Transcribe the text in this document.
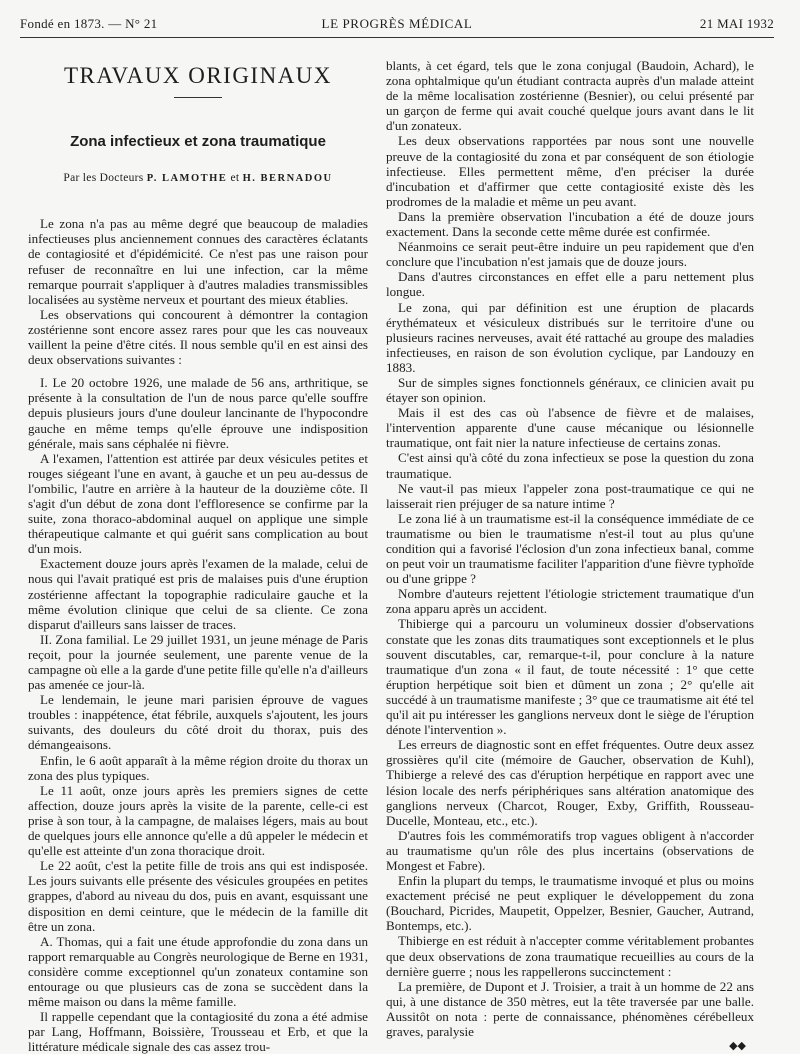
Fondé en 1873. — N° 21	LE PROGRÈS MÉDICAL	21 MAI 1932
TRAVAUX ORIGINAUX
Zona infectieux et zona traumatique
Par les Docteurs P. LAMOTHE et H. BERNADOU

Le zona n'a pas au même degré que beaucoup de maladies infectieuses plus anciennement connues des caractères éclatants de contagiosité et d'épidémicité. Ce n'est pas une raison pour refuser de reconnaître en lui une infection, car la même remarque pourrait s'appliquer à d'autres maladies transmissibles localisées au système nerveux et pourtant des mieux établies.

Les observations qui concourent à démontrer la contagion zostérienne sont encore assez rares pour que les cas nouveaux vaillent la peine d'être cités. Il nous semble qu'il en est ainsi des deux observations suivantes :

I. Le 20 octobre 1926, une malade de 56 ans, arthritique, se présente à la consultation de l'un de nous parce qu'elle souffre depuis plusieurs jours d'une douleur lancinante de l'hypocondre gauche en même temps qu'elle éprouve une indisposition générale, mais sans céphalée ni fièvre.

A l'examen, l'attention est attirée par deux vésicules petites et rouges siégeant l'une en avant, à gauche et un peu au-dessus de l'ombilic, l'autre en arrière à la hauteur de la douzième côte. Il s'agit d'un début de zona dont l'effloresence se confirme par la suite, zona thoraco-abdominal auquel on applique une simple thérapeutique calmante et qui guérit sans complication au bout d'un mois.

Exactement douze jours après l'examen de la malade, celui de nous qui l'avait pratiqué est pris de malaises puis d'une éruption zostérienne affectant la topographie radiculaire gauche et la même évolution clinique que celui de sa cliente. Ce zona disparut d'ailleurs sans laisser de traces.

II. Zona familial. Le 29 juillet 1931, un jeune ménage de Paris reçoit, pour la journée seulement, une parente venue de la campagne où elle a la garde d'une petite fille qu'elle n'a d'ailleurs pas amenée ce jour-là.

Le lendemain, le jeune mari parisien éprouve de vagues troubles : inappétence, état fébrile, auxquels s'ajoutent, les jours suivants, des douleurs du côté droit du thorax, puis des démangeaisons.

Enfin, le 6 août apparaît à la même région droite du thorax un zona des plus typiques.

Le 11 août, onze jours après les premiers signes de cette affection, douze jours après la visite de la parente, celle-ci est prise à son tour, à la campagne, de malaises légers, mais au bout de quelques jours elle annonce qu'elle a dû appeler le médecin et qu'elle est atteinte d'un zona thoracique droit.

Le 22 août, c'est la petite fille de trois ans qui est indisposée. Les jours suivants elle présente des vésicules groupées en petites grappes, d'abord au niveau du dos, puis en avant, esquissant une disposition en demi ceinture, que le médecin de la famille dit être un zona.

A. Thomas, qui a fait une étude approfondie du zona dans un rapport remarquable au Congrès neurologique de Berne en 1931, considère comme exceptionnel qu'un zonateux contamine son entourage ou que plusieurs cas de zona se succèdent dans la même maison ou dans la même famille.

Il rappelle cependant que la contagiosité du zona a été admise par Lang, Hoffmann, Boissière, Trousseau et Erb, et que la littérature médicale signale des cas assez trou-

blants, à cet égard, tels que le zona conjugal (Baudoin, Achard), le zona ophtalmique qu'un étudiant contracta auprès d'un malade atteint de la même localisation zostérienne (Besnier), ou celui présenté par un garçon de ferme qui avait couché quelque jours avant dans le lit d'un zonateux.

Les deux observations rapportées par nous sont une nouvelle preuve de la contagiosité du zona et par conséquent de son étiologie infectieuse. Elles permettent même, d'en préciser la durée d'incubation et d'affirmer que cette contagiosité existe dès les prodromes de la maladie et même un peu avant.

Dans la première observation l'incubation a été de douze jours exactement. Dans la seconde cette même durée est confirmée.

Néanmoins ce serait peut-être induire un peu rapidement que d'en conclure que l'incubation n'est jamais que de douze jours.

Dans d'autres circonstances en effet elle a paru nettement plus longue.

Le zona, qui par définition est une éruption de placards érythémateux et vésiculeux distribués sur le territoire d'une ou plusieurs racines nerveuses, avait été rattaché au groupe des maladies infectieuses, en raison de son évolution cyclique, par Landouzy en 1883.

Sur de simples signes fonctionnels généraux, ce clinicien avait pu étayer son opinion.

Mais il est des cas où l'absence de fièvre et de malaises, l'intervention apparente d'une cause mécanique ou lésionnelle traumatique, ont fait nier la nature infectieuse de certains zonas.

C'est ainsi qu'à côté du zona infectieux se pose la question du zona traumatique.

Ne vaut-il pas mieux l'appeler zona post-traumatique ce qui ne laisserait rien préjuger de sa nature intime ?

Le zona lié à un traumatisme est-il la conséquence immédiate de ce traumatisme ou bien le traumatisme n'est-il tout au plus qu'une condition qui a favorisé l'éclosion d'un zona infectieux banal, comme on peut voir un traumatisme faciliter l'apparition d'une fièvre typhoïde ou d'une grippe ?

Nombre d'auteurs rejettent l'étiologie strictement traumatique d'un zona apparu après un accident.

Thibierge qui a parcouru un volumineux dossier d'observations constate que les zonas dits traumatiques sont exceptionnels et le plus souvent discutables, car, remarque-t-il, pour conclure à la nature traumatique d'un zona « il faut, de toute nécessité : 1° que cette éruption herpétique soit bien et dûment un zona ; 2° qu'elle ait succédé à un traumatisme manifeste ; 3° que ce traumatisme ait été tel qu'il ait pu intéresser les ganglions nerveux dont le siège de l'éruption dénote l'intervention ».

Les erreurs de diagnostic sont en effet fréquentes. Outre deux assez grossières qu'il cite (mémoire de Gaucher, observation de Kuhl), Thibierge a relevé des cas d'éruption herpétique en rapport avec une lésion locale des nerfs périphériques sans altération anatomique des ganglions nerveux (Charcot, Rouger, Exby, Griffith, Rousseau-Ducelle, Monteau, etc., etc.).

D'autres fois les commémoratifs trop vagues obligent à n'accorder au traumatisme qu'un rôle des plus incertains (observations de Mongest et Fabre).

Enfin la plupart du temps, le traumatisme invoqué et plus ou moins exactement précisé ne peut expliquer le développement du zona (Bouchard, Picrides, Maupetit, Oppelzer, Besnier, Gaucher, Autrand, Bontemps, etc.).

Thibierge en est réduit à n'accepter comme véritablement probantes que deux observations de zona traumatique recueillies au cours de la dernière guerre ; nous les rappellerons succinctement :

La première, de Dupont et J. Troisier, a trait à un homme de 22 ans qui, à une distance de 350 mètres, eut la tête traversée par une balle. Aussitôt on nota : perte de connaissance, phénomènes cérébelleux graves, paralysie

◆◆
